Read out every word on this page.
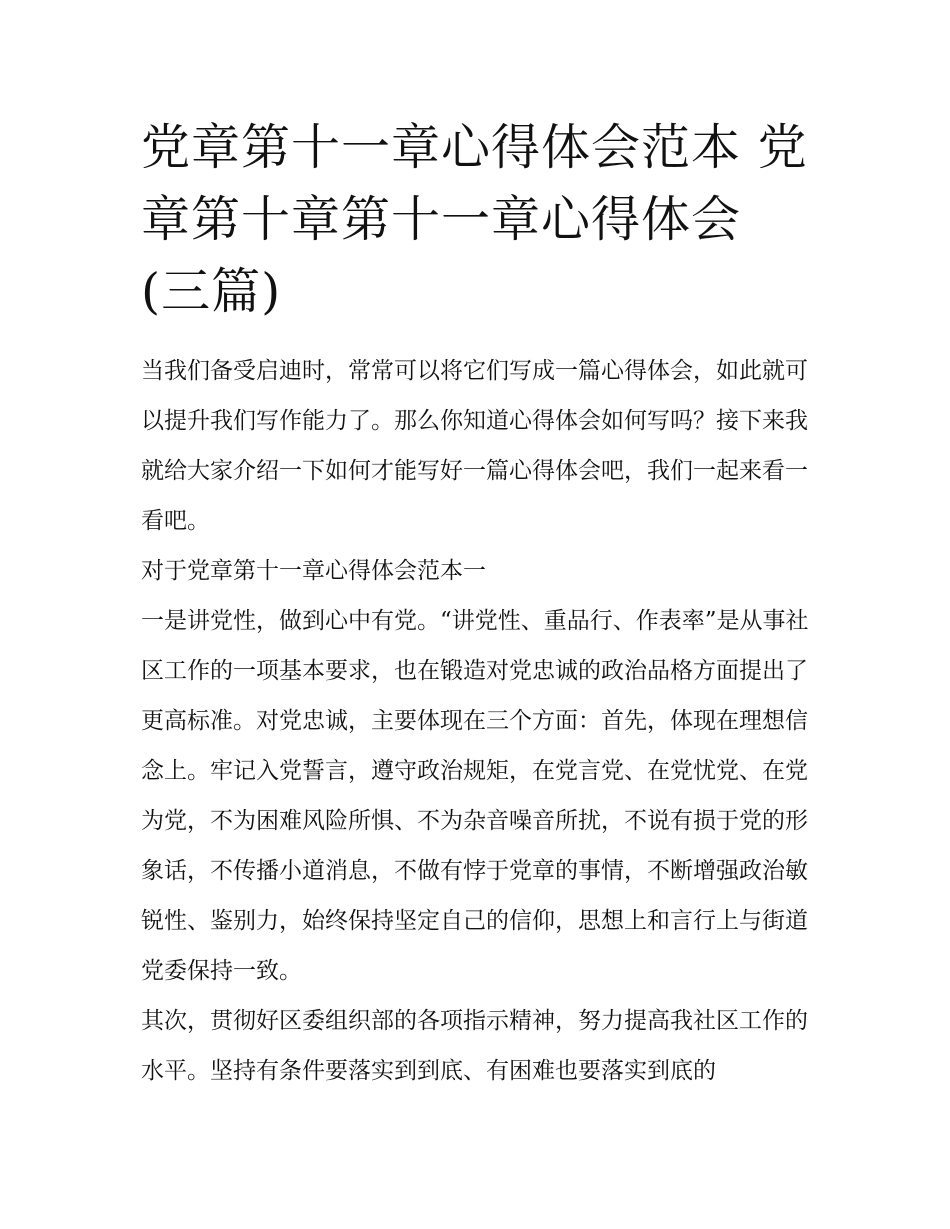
党章第十一章心得体会范本 党章第十章第十一章心得体会(三篇)

当我们备受启迪时，常常可以将它们写成一篇心得体会，如此就可以提升我们写作能力了。那么你知道心得体会如何写吗？接下来我就给大家介绍一下如何才能写好一篇心得体会吧，我们一起来看一看吧。

对于党章第十一章心得体会范本一

一是讲党性，做到心中有党。“讲党性、重品行、作表率”是从事社区工作的一项基本要求，也在锻造对党忠诚的政治品格方面提出了更高标准。对党忠诚，主要体现在三个方面：首先，体现在理想信念上。牢记入党誓言，遵守政治规矩，在党言党、在党忧党、在党为党，不为困难风险所惧、不为杂音噪音所扰，不说有损于党的形象话，不传播小道消息，不做有悖于党章的事情，不断增强政治敏锐性、鉴别力，始终保持坚定自己的信仰，思想上和言行上与街道党委保持一致。

其次，贯彻好区委组织部的各项指示精神，努力提高我社区工作的水平。坚持有条件要落实到到底、有困难也要落实到底的
